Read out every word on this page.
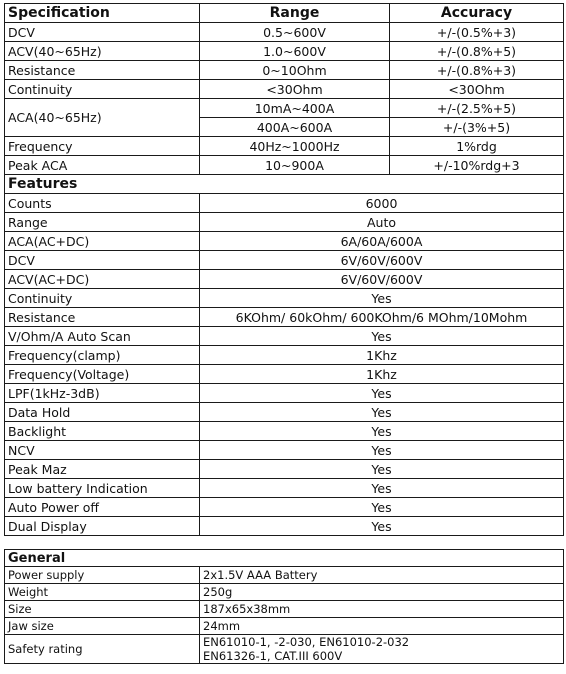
Specification	Range	Accuracy
DCV	0.5~600V	+/-(0.5%+3)
ACV(40~65Hz)	1.0~600V	+/-(0.8%+5)
Resistance	0~10Ohm	+/-(0.8%+3)
Continuity	<30Ohm	<30Ohm
ACA(40~65Hz)	10mA~400A	+/-(2.5%+5)
	400A~600A	+/-(3%+5)
Frequency	40Hz~1000Hz	1%rdg
Peak ACA	10~900A	+/-10%rdg+3
Features		
Counts	6000	
Range	Auto	
ACA(AC+DC)	6A/60A/600A	
DCV	6V/60V/600V	
ACV(AC+DC)	6V/60V/600V	
Continuity	Yes	
Resistance	6KOhm/ 60kOhm/ 600KOhm/6 MOhm/10Mohm	
V/Ohm/A Auto Scan	Yes	
Frequency(clamp)	1Khz	
Frequency(Voltage)	1Khz	
LPF(1kHz-3dB)	Yes	
Data Hold	Yes	
Backlight	Yes	
NCV	Yes	
Peak Maz	Yes	
Low battery Indication	Yes	
Auto Power off	Yes	
Dual Display	Yes	
General	
Power supply	2x1.5V AAA Battery
Weight	250g
Size	187x65x38mm
Jaw size	24mm
Safety rating	EN61010-1, -2-030, EN61010-2-032
EN61326-1, CAT.III 600V
